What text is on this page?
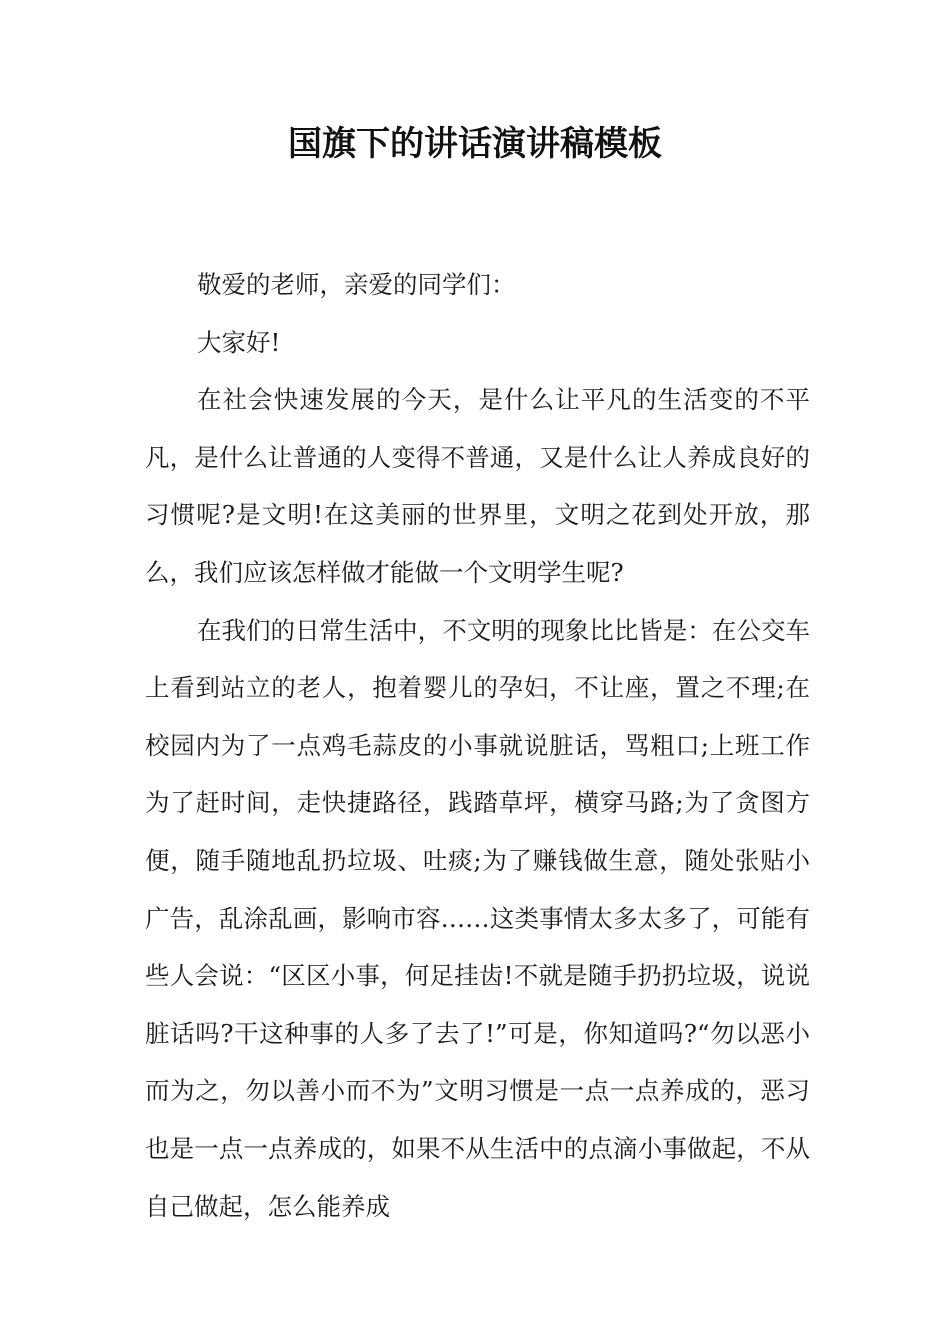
国旗下的讲话演讲稿模板

敬爱的老师，亲爱的同学们：

大家好!

在社会快速发展的今天，是什么让平凡的生活变的不平凡，是什么让普通的人变得不普通，又是什么让人养成良好的习惯呢?是文明!在这美丽的世界里，文明之花到处开放，那么，我们应该怎样做才能做一个文明学生呢?

在我们的日常生活中，不文明的现象比比皆是：在公交车上看到站立的老人，抱着婴儿的孕妇，不让座，置之不理;在校园内为了一点鸡毛蒜皮的小事就说脏话，骂粗口;上班工作为了赶时间，走快捷路径，践踏草坪，横穿马路;为了贪图方便，随手随地乱扔垃圾、吐痰;为了赚钱做生意，随处张贴小广告，乱涂乱画，影响市容……这类事情太多太多了，可能有些人会说：“区区小事，何足挂齿!不就是随手扔扔垃圾，说说脏话吗?干这种事的人多了去了!”可是，你知道吗?“勿以恶小而为之，勿以善小而不为”文明习惯是一点一点养成的，恶习也是一点一点养成的，如果不从生活中的点滴小事做起，不从自己做起，怎么能养成
